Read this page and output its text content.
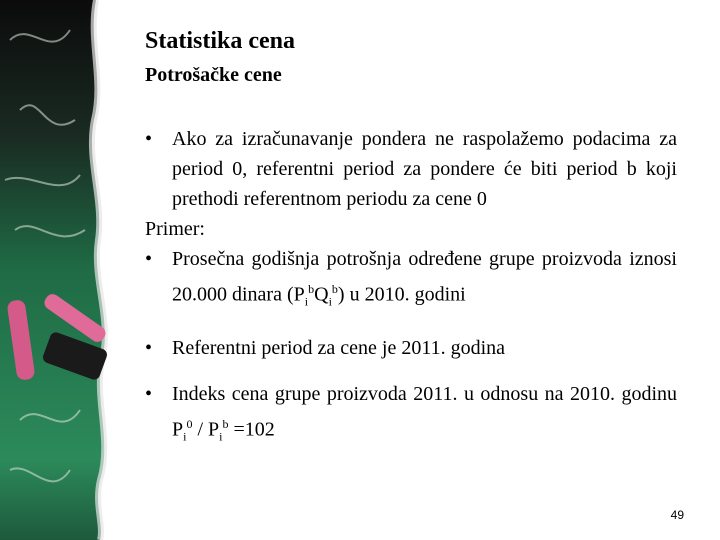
Statistika cena
Potrošačke cene
• Ako za izračunavanje pondera ne raspolažemo podacima za period 0, referentni period za pondere će biti period b koji prethodi referentnom periodu za cene 0
Primer:
• Prosečna godišnja potrošnja određene grupe proizvoda iznosi 20.000 dinara $(P_i^bQ_i^b)$ u 2010. godini
• Referentni period za cene je 2011. godina
• Indeks cena grupe proizvoda 2011. u odnosu na 2010. godinu $P_i^0 / P_i^b =102$
49
